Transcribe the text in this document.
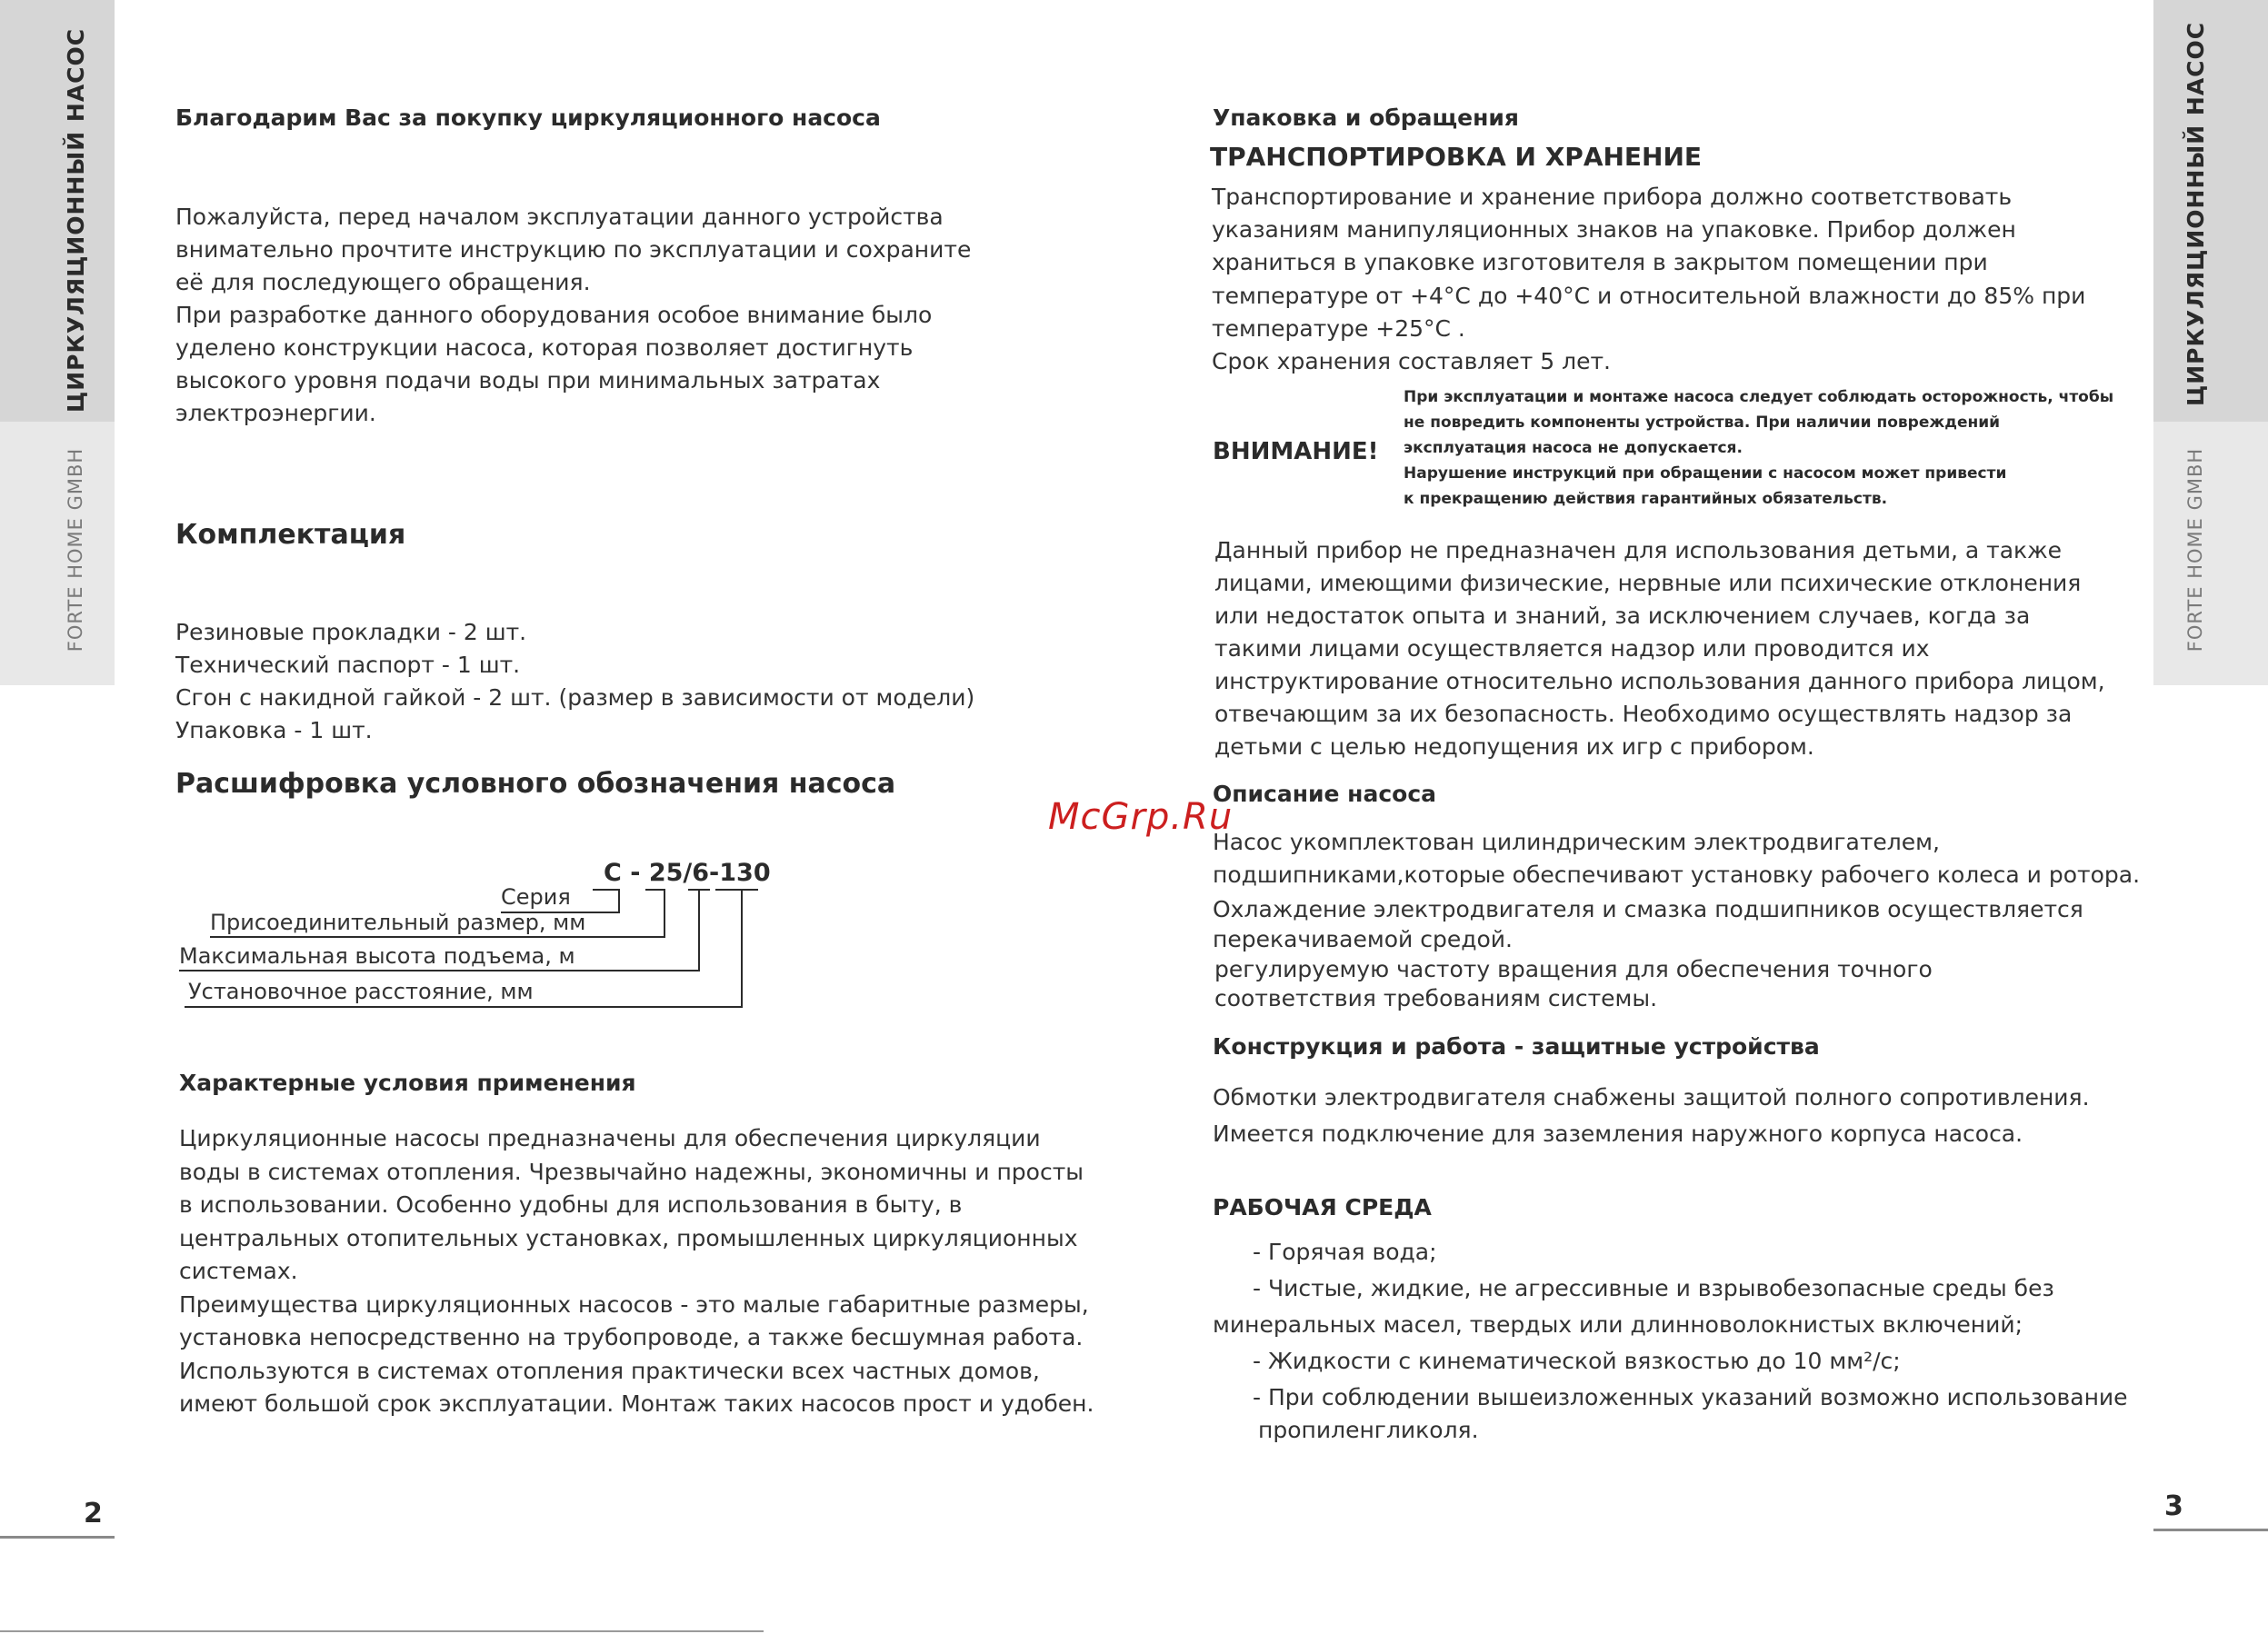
ЦИРКУЛЯЦИОННЫЙ НАСОС
FORTE HOME GMBH
2
ЦИРКУЛЯЦИОННЫЙ НАСОС
FORTE HOME GMBH
3
McGrp.Ru
Благодарим Вас за покупку циркуляционного насоса
Пожалуйста, перед началом эксплуатации данного устройства
внимательно прочтите инструкцию по эксплуатации и сохраните
её для последующего обращения.
При разработке данного оборудования особое внимание было
уделено конструкции насоса, которая позволяет достигнуть
высокого уровня подачи воды при минимальных затратах
электроэнергии.
Комплектация
Резиновые прокладки - 2 шт.
Технический паспорт - 1 шт.
Сгон с накидной гайкой - 2 шт. (размер в зависимости от модели)
Упаковка - 1 шт.
Расшифровка условного обозначения насоса
С - 25/6-130
Серия
Присоединительный размер, мм
Максимальная высота подъема, м
Установочное расстояние, мм
Характерные условия применения
Циркуляционные насосы предназначены для обеспечения циркуляции
воды в системах отопления. Чрезвычайно надежны, экономичны и просты
в использовании. Особенно удобны для использования в быту, в
центральных отопительных установках, промышленных циркуляционных
системах.
Преимущества циркуляционных насосов - это малые габаритные размеры,
установка непосредственно на трубопроводе, а также бесшумная работа.
Используются в системах отопления практически всех частных домов,
имеют большой срок эксплуатации. Монтаж таких насосов прост и удобен.
Упаковка и обращения
ТРАНСПОРТИРОВКА И ХРАНЕНИЕ
Транспортирование и хранение прибора должно соответствовать
указаниям манипуляционных знаков на упаковке. Прибор должен
храниться в упаковке изготовителя в закрытом помещении при
температуре от +4°С до +40°С и относительной влажности до 85% при
температуре +25°С .
Срок хранения составляет 5 лет.
ВНИМАНИЕ!
При эксплуатации и монтаже насоса следует соблюдать осторожность, чтобы
не повредить компоненты устройства. При наличии повреждений
эксплуатация насоса не допускается.
Нарушение инструкций при обращении с насосом может привести
к прекращению действия гарантийных обязательств.
Данный прибор не предназначен для использования детьми, а также
лицами, имеющими физические, нервные или психические отклонения
или недостаток опыта и знаний, за исключением случаев, когда за
такими лицами осуществляется надзор или проводится их
инструктирование относительно использования данного прибора лицом,
отвечающим за их безопасность. Необходимо осуществлять надзор за
детьми с целью недопущения их игр с прибором.
Описание насоса
Насос укомплектован цилиндрическим электродвигателем,
подшипниками,которые обеспечивают установку рабочего колеса и ротора.
Охлаждение электродвигателя и смазка подшипников осуществляется
перекачиваемой средой.
регулируемую частоту вращения для обеспечения точного
соответствия требованиям системы.
Конструкция и работа - защитные устройства
Обмотки электродвигателя снабжены защитой полного сопротивления.
Имеется подключение для заземления наружного корпуса насоса.
РАБОЧАЯ СРЕДА
- Горячая вода;
- Чистые, жидкие, не агрессивные и взрывобезопасные среды без
минеральных масел, твердых или длинноволокнистых включений;
- Жидкости с кинематической вязкостью до 10 мм²/с;
- При соблюдении вышеизложенных указаний возможно использование
пропиленгликоля.
